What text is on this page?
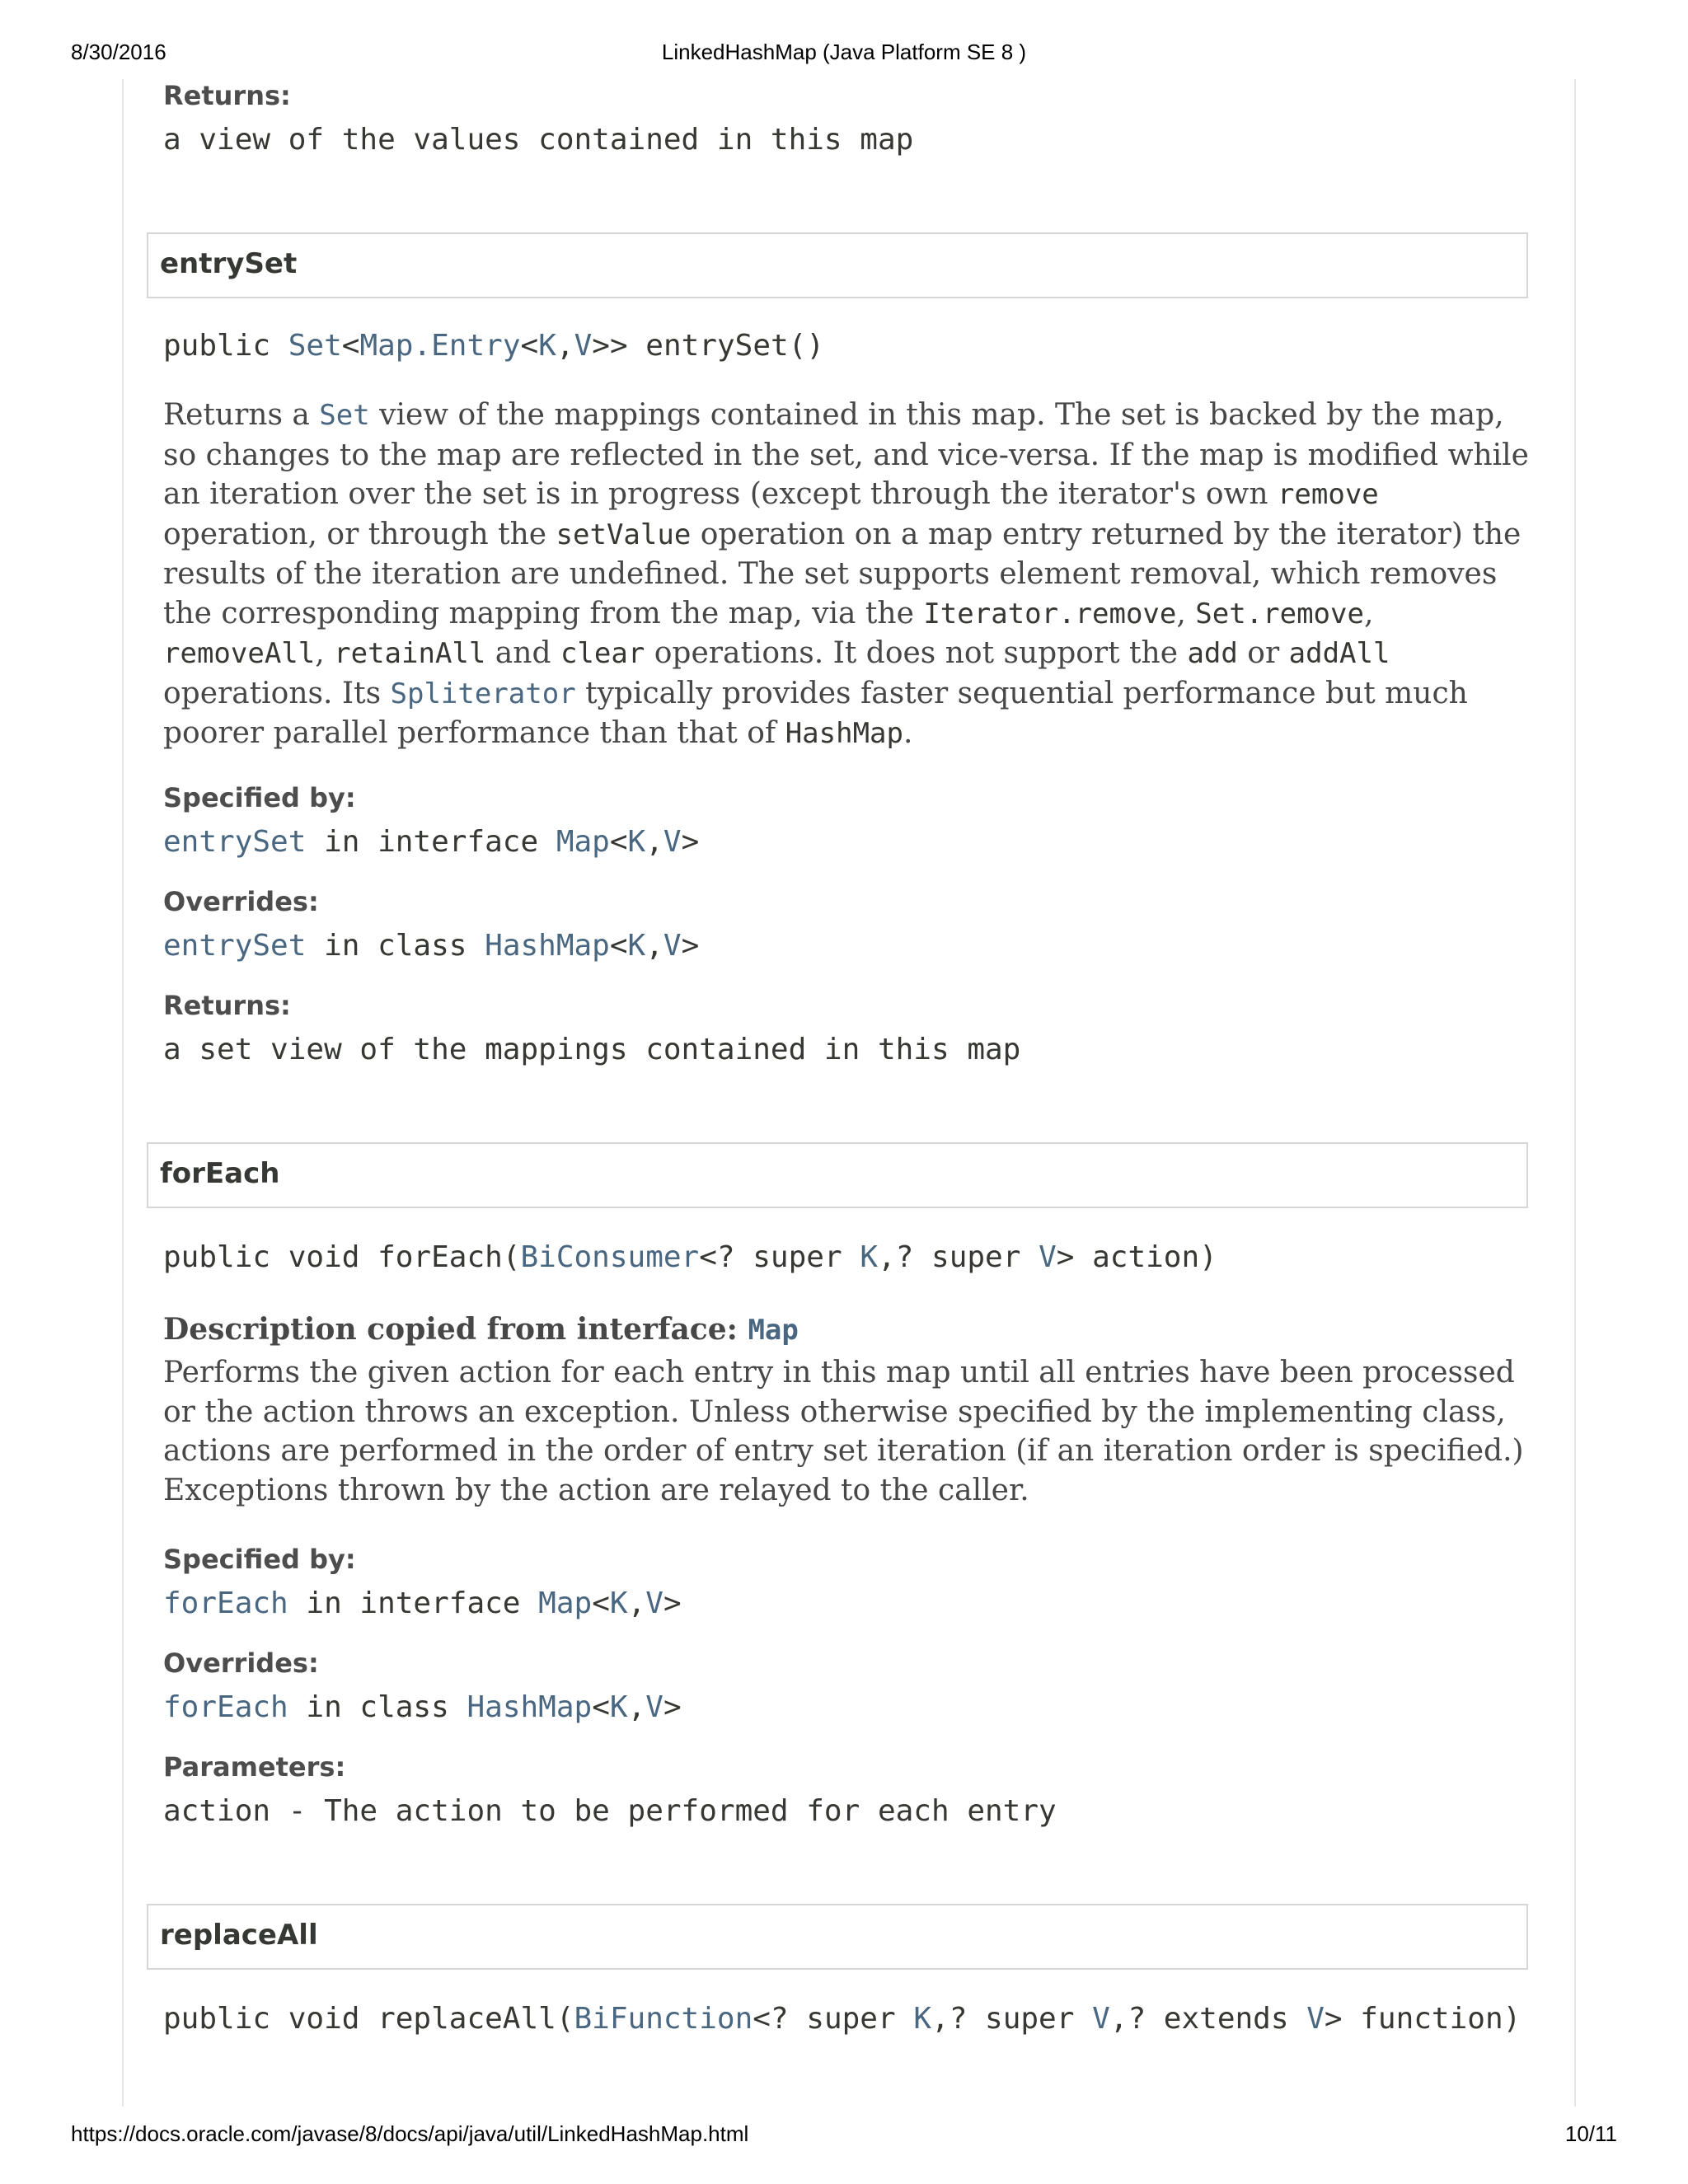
8/30/2016	LinkedHashMap (Java Platform SE 8 )

Returns:

a view of the values contained in this map

entrySet

public Set<Map.Entry<K,V>> entrySet()

Returns a Set view of the mappings contained in this map. The set is backed by the map,

so changes to the map are reflected in the set, and vice-versa. If the map is modified while

an iteration over the set is in progress (except through the iterator's own remove

operation, or through the setValue operation on a map entry returned by the iterator) the

results of the iteration are undefined. The set supports element removal, which removes

the corresponding mapping from the map, via the Iterator.remove, Set.remove,

removeAll, retainAll and clear operations. It does not support the add or addAll

operations. Its Spliterator typically provides faster sequential performance but much

poorer parallel performance than that of HashMap.

Specified by:

entrySet in interface Map<K,V>

Overrides:

entrySet in class HashMap<K,V>

Returns:

a set view of the mappings contained in this map

forEach

public void forEach(BiConsumer<? super K,? super V> action)

Description copied from interface: Map

Performs the given action for each entry in this map until all entries have been processed

or the action throws an exception. Unless otherwise specified by the implementing class,

actions are performed in the order of entry set iteration (if an iteration order is specified.)

Exceptions thrown by the action are relayed to the caller.

Specified by:

forEach in interface Map<K,V>

Overrides:

forEach in class HashMap<K,V>

Parameters:

action - The action to be performed for each entry

replaceAll

public void replaceAll(BiFunction<? super K,? super V,? extends V> function)

https://docs.oracle.com/javase/8/docs/api/java/util/LinkedHashMap.html	10/11
